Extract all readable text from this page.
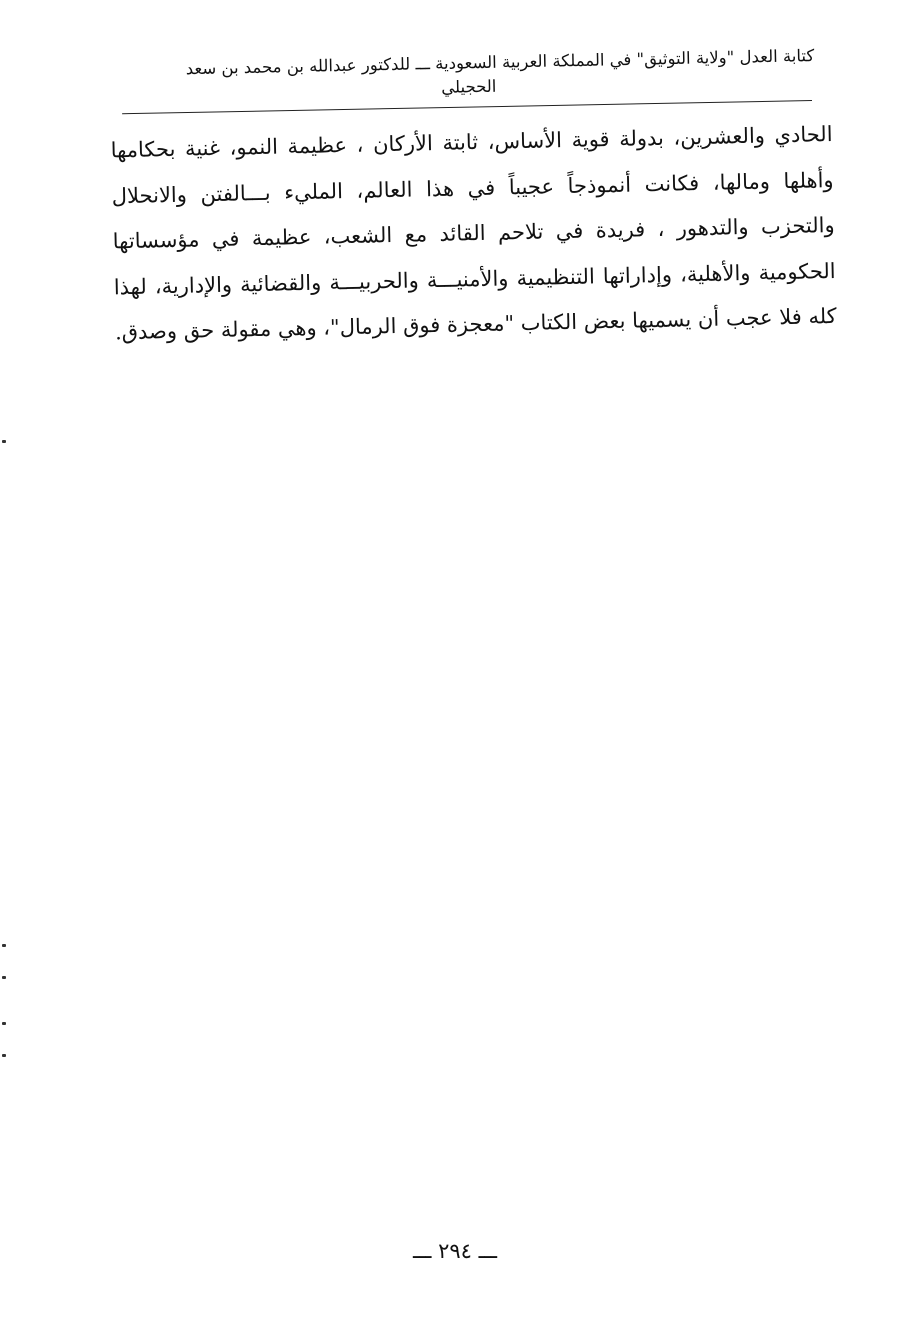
كتابة العدل "ولاية التوثيق" في المملكة العربية السعودية ـــ للدكتور عبدالله بن محمد بن سعد
الحجيلي

الحادي والعشرين، بدولة قوية الأساس، ثابتة الأركان ، عظيمة النمو، غنية بحكامها وأهلها ومالها، فكانت أنموذجاً عجيباً في هذا العالم، المليء بـــالفتن والانحلال والتحزب والتدهور ، فريدة في تلاحم القائد مع الشعب، عظيمة في مؤسساتها الحكومية والأهلية، وإداراتها التنظيمية والأمنيـــة والحربيـــة والقضائية والإدارية، لهذا كله فلا عجب أن يسميها بعض الكتاب "معجزة فوق الرمال"، وهي مقولة حق وصدق.

ـــ ٢٩٤ ـــ
